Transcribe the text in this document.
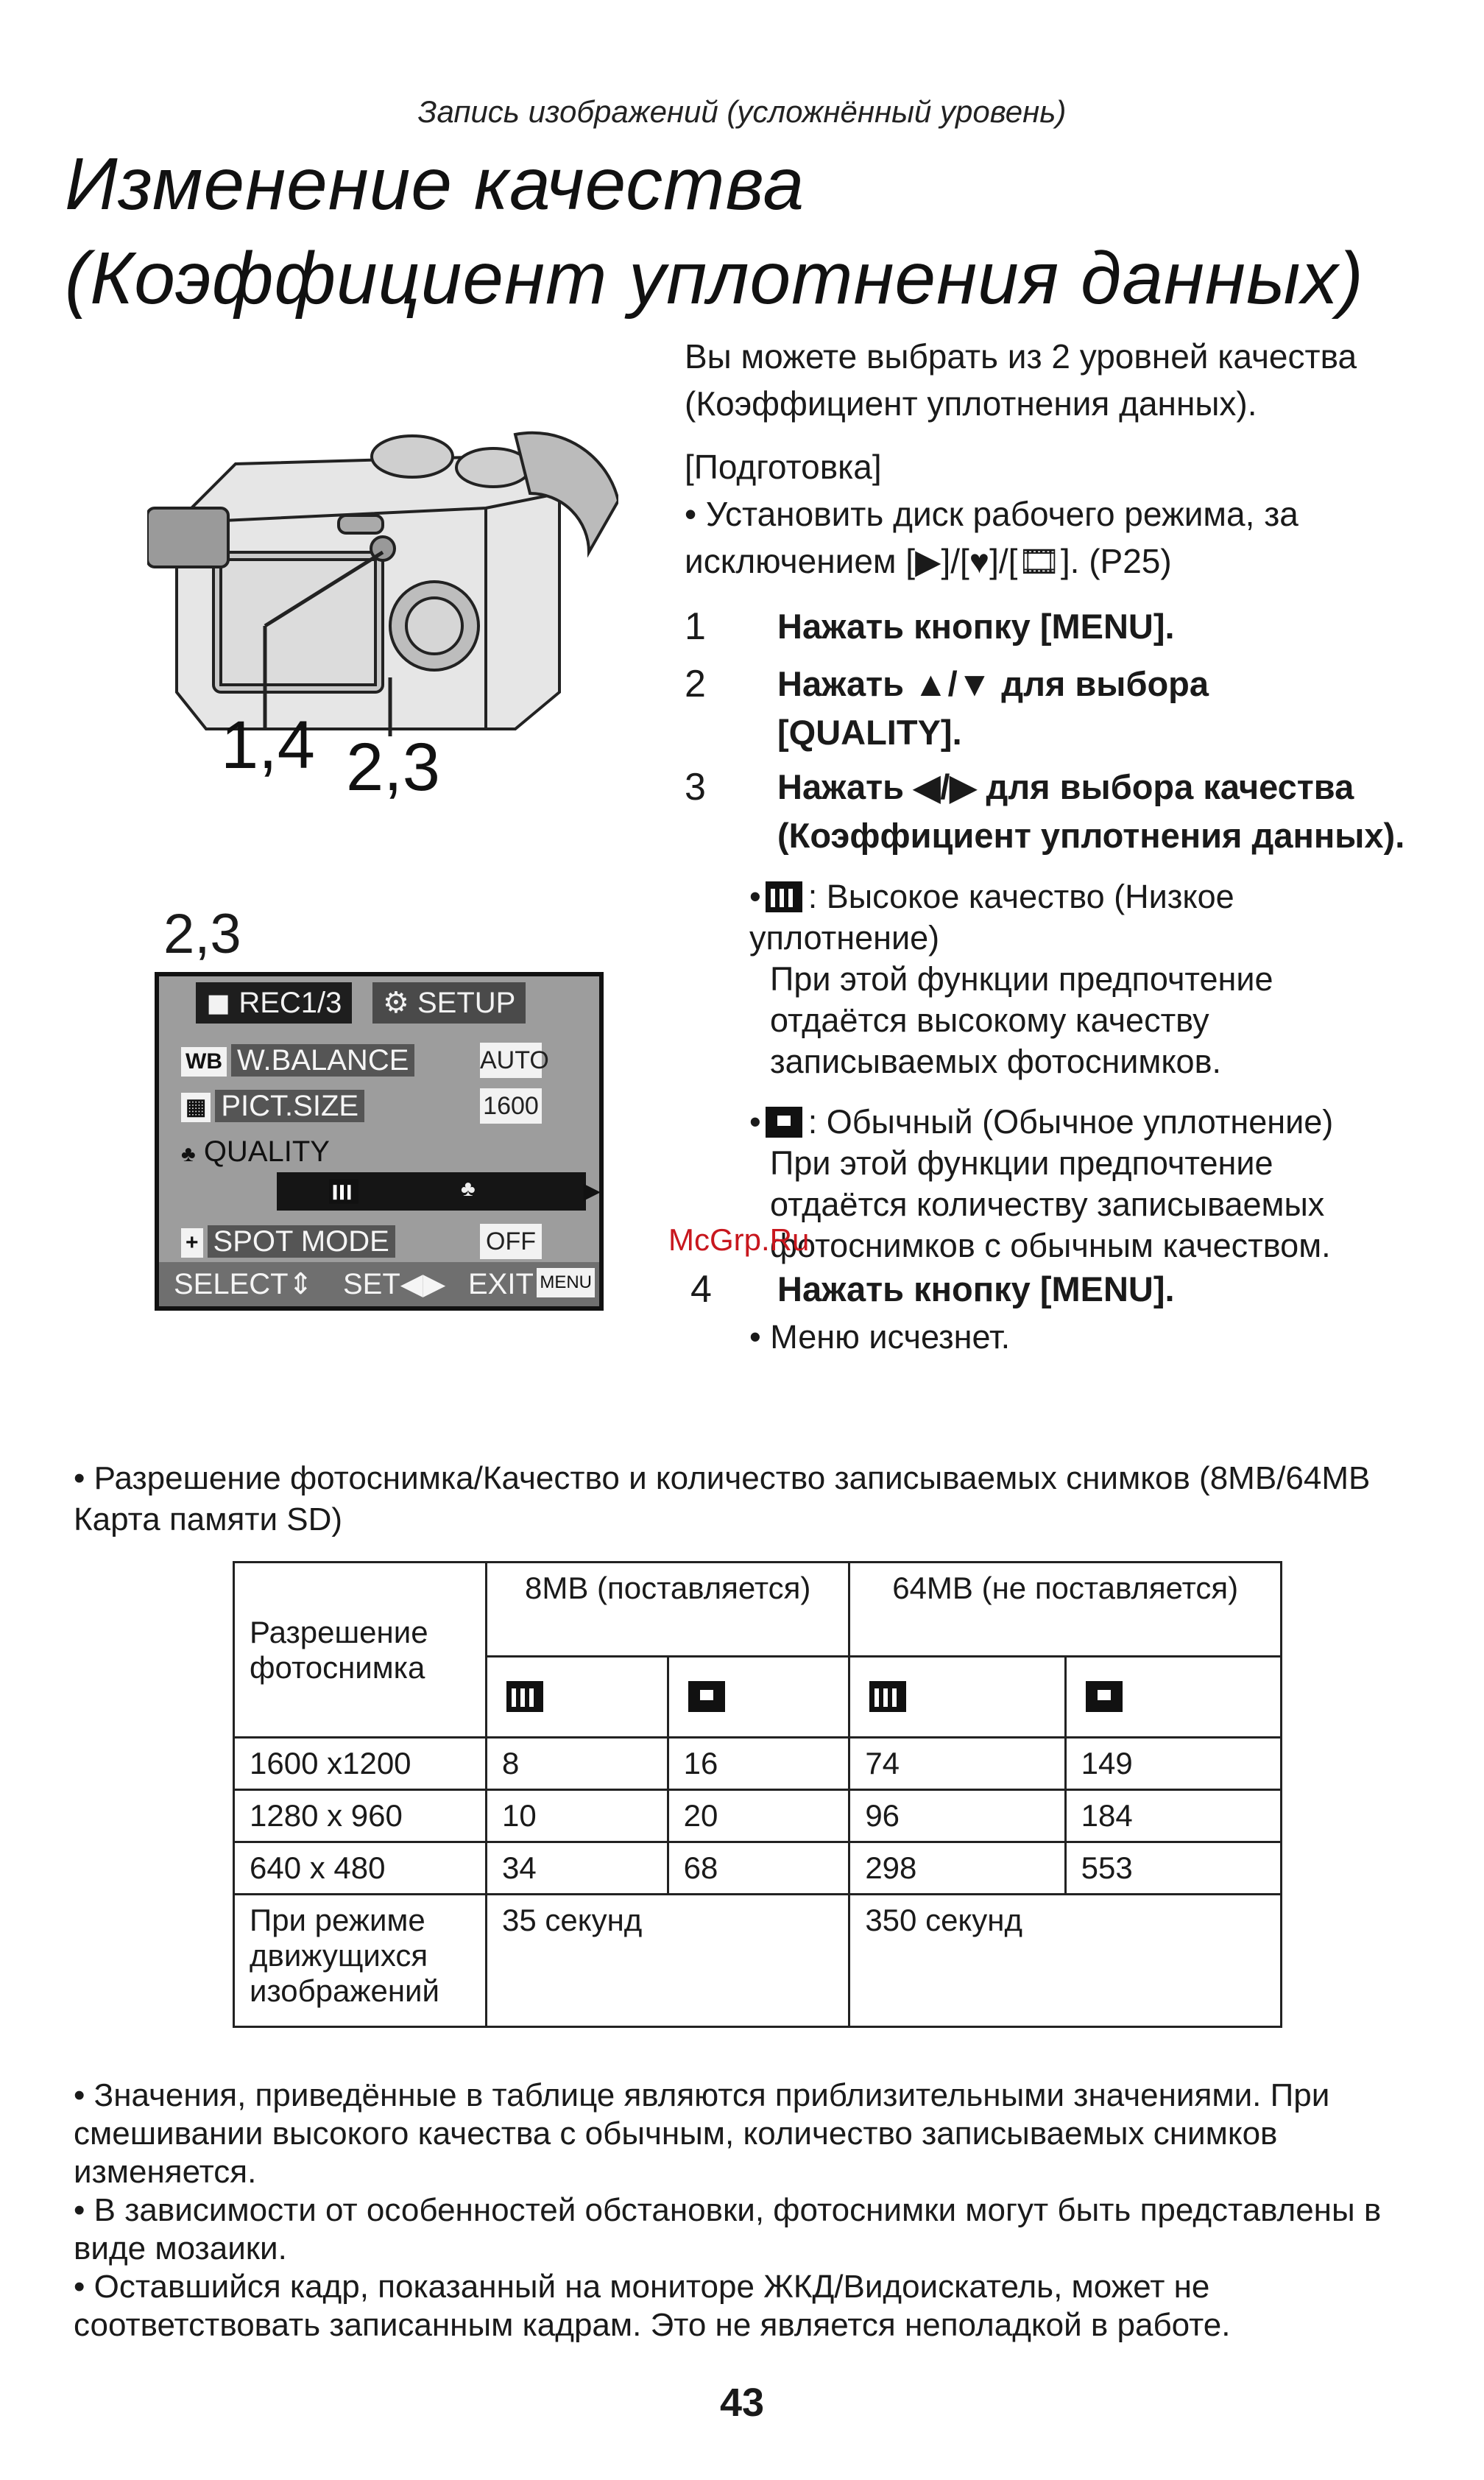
Запись изображений (усложнённый уровень)
Изменение качества
(Коэффициент уплотнения данных)
1,4 2,3
Вы можете выбрать из 2 уровней качества (Коэффициент уплотнения данных).
[Подготовка]
• Установить диск рабочего режима, за исключением [▶]/[♥]/[🎞]. (P25)
1 Нажать кнопку [MENU].
2 Нажать ▲/▼ для выбора [QUALITY].
3 Нажать ◀/▶ для выбора качества (Коэффициент уплотнения данных).
• : Высокое качество (Низкое уплотнение)
При этой функции предпочтение отдаётся высокому качеству записываемых фотоснимков.
• : Обычный (Обычное уплотнение)
При этой функции предпочтение отдаётся количеству записываемых фотоснимков с обычным качеством.
4 Нажать кнопку [MENU].
• Меню исчезнет.
2,3
◼ REC1/3	⚙ SETUP
WB W.BALANCE	AUTO
▦ PICT.SIZE	1600
♣ QUALITY
♣	▶
+ SPOT MODE	OFF
SELECT⇕ SET◀▶ EXIT MENU
McGrp.Ru
• Разрешение фотоснимка/Качество и количество записываемых снимков (8MB/64MB Карта памяти SD)
Разрешение фотоснимка	8MB (поставляется)		64MB (не поставляется)	

1600 x1200	8	16	74	149
1280 x 960	10	20	96	184
640 x 480	34	68	298	553
При режиме движущихся изображений	35 секунд		350 секунд	
• Значения, приведённые в таблице являются приблизительными значениями. При смешивании высокого качества с обычным, количество записываемых снимков изменяется.
• В зависимости от особенностей обстановки, фотоснимки могут быть представлены в виде мозаики.
• Оставшийся кадр, показанный на мониторе ЖКД/Видоискатель, может не соответствовать записанным кадрам. Это не является неполадкой в работе.
43
